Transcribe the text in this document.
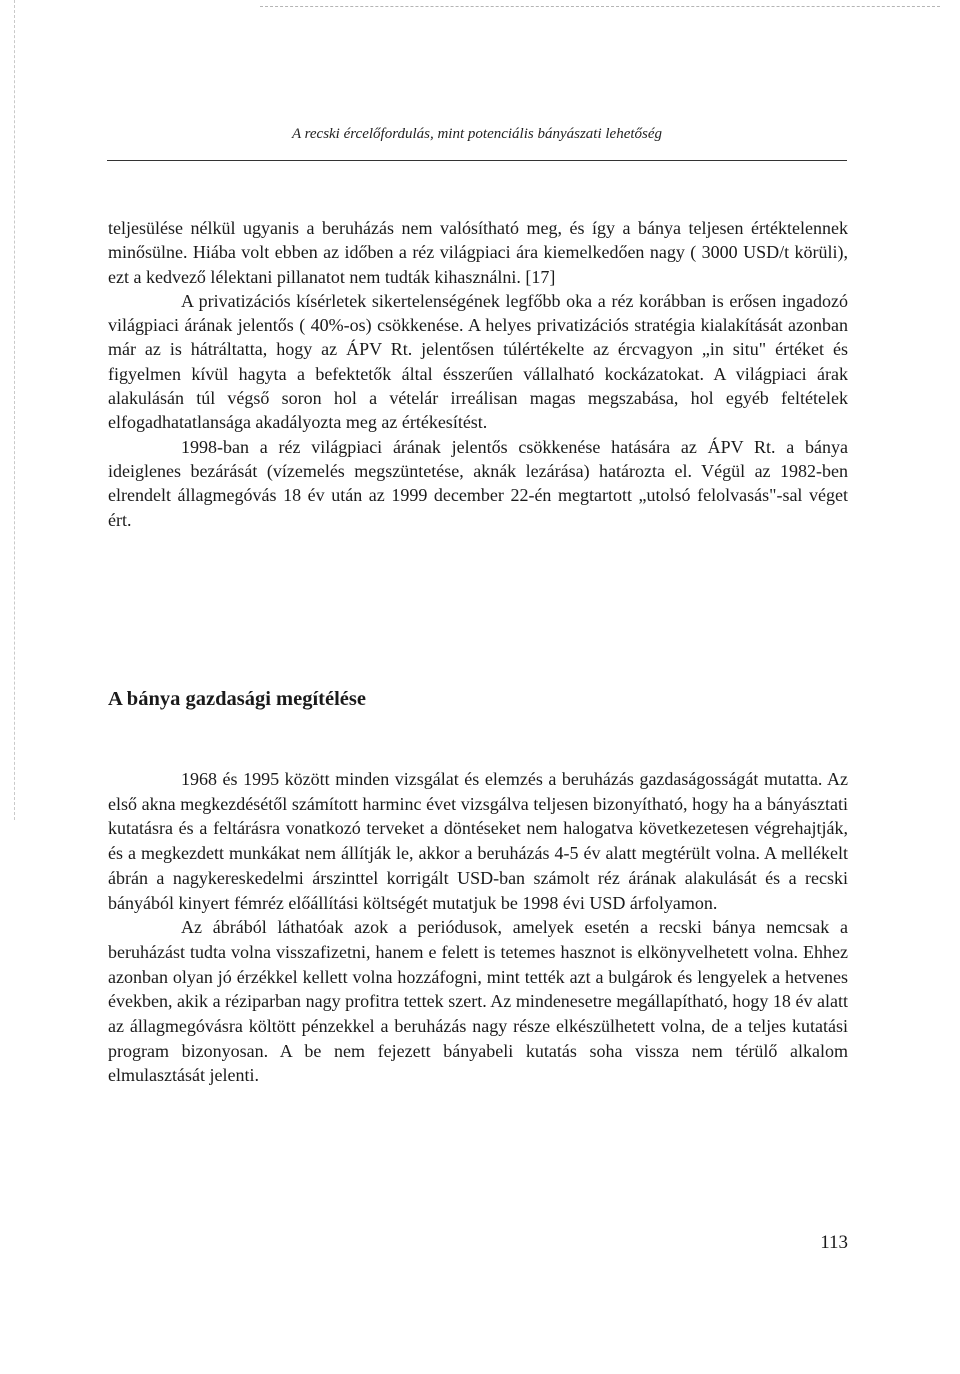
A recski ércelőfordulás, mint potenciális bányászati lehetőség

teljesülése nélkül ugyanis a beruházás nem valósítható meg, és így a bánya teljesen értéktelennek minősülne. Hiába volt ebben az időben a réz világpiaci ára kiemelkedően nagy ( 3000 USD/t körüli), ezt a kedvező lélektani pillanatot nem tudták kihasználni. [17]

A privatizációs kísérletek sikertelenségének legfőbb oka a réz korábban is erősen ingadozó világpiaci árának jelentős ( 40%-os) csökkenése. A helyes privatizációs stratégia kialakítását azonban már az is hátráltatta, hogy az ÁPV Rt. jelentősen túlértékelte az ércvagyon „in situ" értéket és figyelmen kívül hagyta a befektetők által ésszerűen vállalható kockázatokat. A világpiaci árak alakulásán túl végső soron hol a vételár irreálisan magas megszabása, hol egyéb feltételek elfogadhatatlansága akadályozta meg az értékesítést.

1998-ban a réz világpiaci árának jelentős csökkenése hatására az ÁPV Rt. a bánya ideiglenes bezárását (vízemelés megszüntetése, aknák lezárása) határozta el. Végül az 1982-ben elrendelt állagmegóvás 18 év után az 1999 december 22-én megtartott „utolsó felolvasás"-sal véget ért.

A bánya gazdasági megítélése

1968 és 1995 között minden vizsgálat és elemzés a beruházás gazdaságosságát mutatta. Az első akna megkezdésétől számított harminc évet vizsgálva teljesen bizonyítható, hogy ha a bányásztati kutatásra és a feltárásra vonatkozó terveket a döntéseket nem halogatva következetesen végrehajtják, és a megkezdett munkákat nem állítják le, akkor a beruházás 4-5 év alatt megtérült volna. A mellékelt ábrán a nagykereskedelmi árszinttel korrigált USD-ban számolt réz árának alakulását és a recski bányából kinyert fémréz előállítási költségét mutatjuk be 1998 évi USD árfolyamon.

Az ábrából láthatóak azok a periódusok, amelyek esetén a recski bánya nemcsak a beruházást tudta volna visszafizetni, hanem e felett is tetemes hasznot is elkönyvelhetett volna. Ehhez azonban olyan jó érzékkel kellett volna hozzáfogni, mint tették azt a bulgárok és lengyelek a hetvenes években, akik a réziparban nagy profitra tettek szert. Az mindenesetre megállapítható, hogy 18 év alatt az állagmegóvásra költött pénzekkel a beruházás nagy része elkészülhetett volna, de a teljes kutatási program bizonyosan. A be nem fejezett bányabeli kutatás soha vissza nem térülő alkalom elmulasztását jelenti.

113
